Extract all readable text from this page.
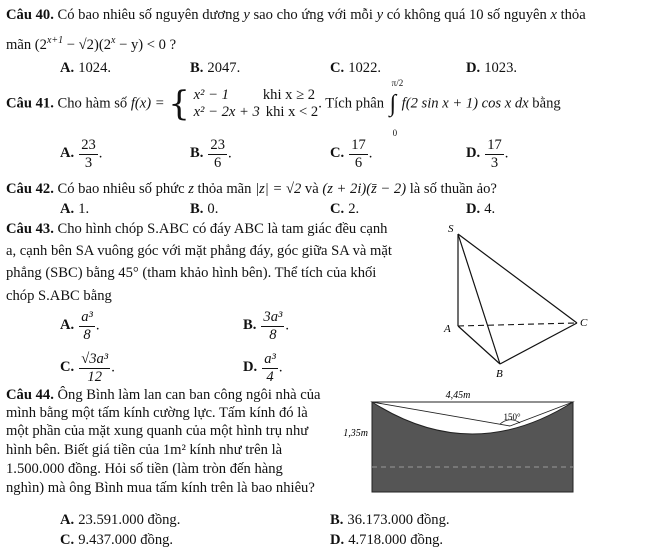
Câu 40. Có bao nhiêu số nguyên dương y sao cho ứng với mỗi y có không quá 10 số nguyên x thỏa
mãn $(2^{x+1} - √2)(2^x - y) < 0$ ?
A. 1024.	B. 2047.	C. 1022.	D. 1023.
Câu 41. Cho hàm số f(x) = { x² − 1 khi x ≥ 2
x² − 2x + 3 khi x < 2
. Tích phân
π/2
∫
0
f(2 sin x + 1) cos x dx bằng
A. $\frac{23}{3}$ .	B. $\frac{23}{6}$ .	C. $\frac{17}{6}$ .	D. $\frac{17}{3}$ .
Câu 42. Có bao nhiêu số phức z thỏa mãn |z| = √2 và (z + 2i)(z̄ − 2) là số thuần ảo?
A. 1.	B. 0.	C. 2.	D. 4.
Câu 43. Cho hình chóp S.ABC có đáy ABC là tam giác đều cạnh
a, cạnh bên SA vuông góc với mặt phẳng đáy, góc giữa SA và mặt
phẳng (SBC) bằng 45° (tham khảo hình bên). Thể tích của khối
chóp S.ABC bằng
A. $\frac{\text{a³}}{8}$ .	B. $\frac{\text{3a³}}{8}$ .
C. $\frac{\text{√3a³}}{12}$ .	D. $\frac{\text{a³}}{4}$ .
S
A	C
B
Câu 44. Ông Bình làm lan can ban công ngôi nhà của
mình bằng một tấm kính cường lực. Tấm kính đó là
một phần của mặt xung quanh của một hình trụ như
hình bên. Biết giá tiền của 1m² kính như trên là
1.500.000 đồng. Hỏi số tiền (làm tròn đến hàng
nghìn) mà ông Bình mua tấm kính trên là bao nhiêu?
4,45m
150°
1,35m
A. 23.591.000 đồng.	B. 36.173.000 đồng.
C. 9.437.000 đồng.	D. 4.718.000 đồng.
